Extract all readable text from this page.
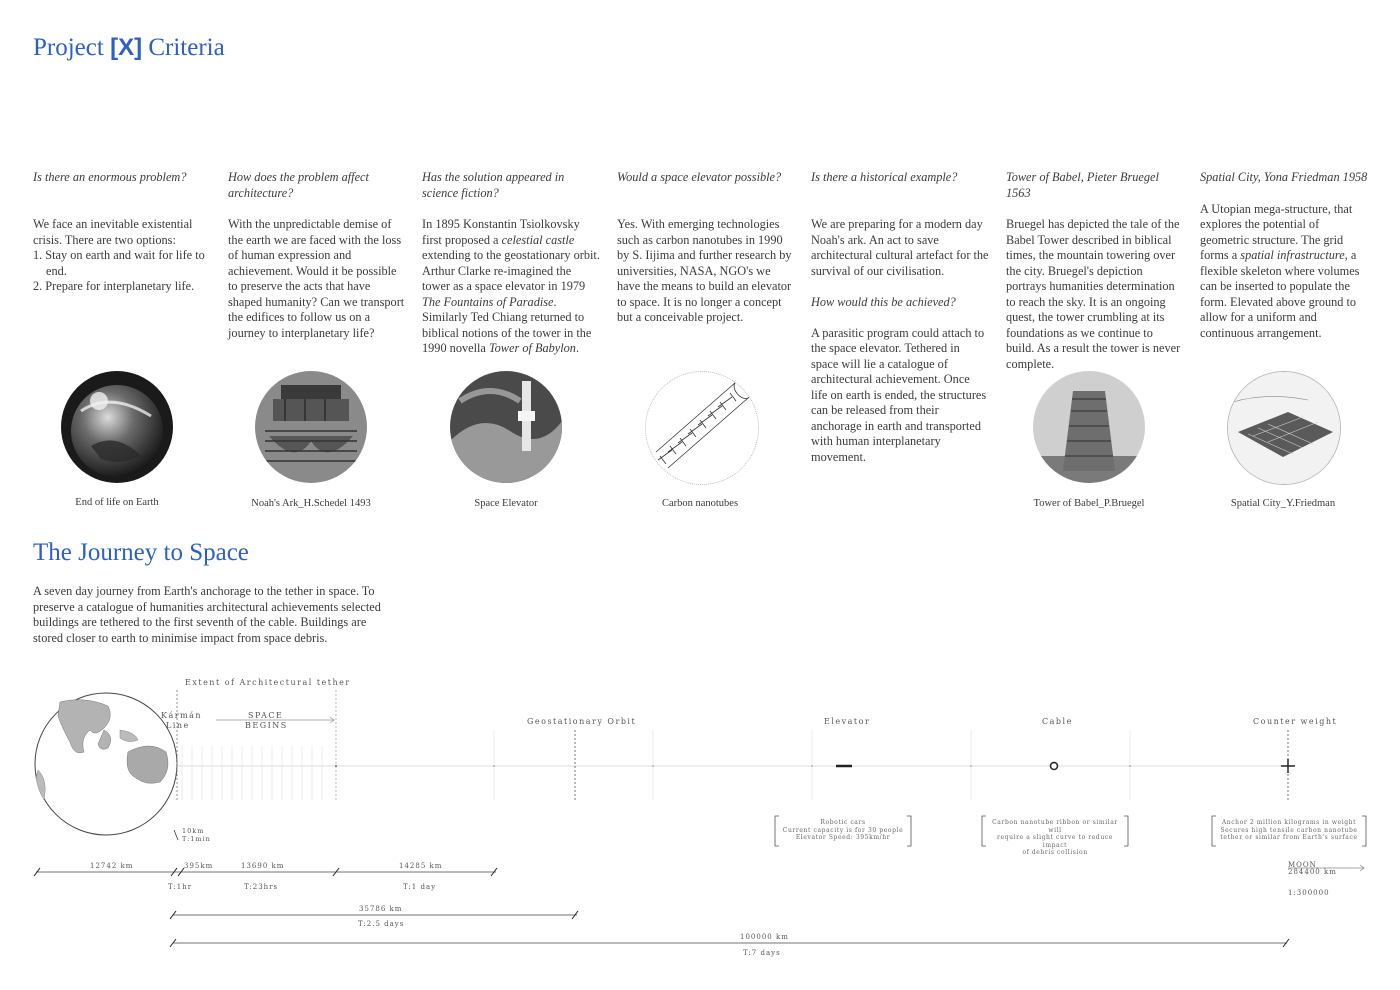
Project [X] Criteria

Is there an enormous problem?

We face an inevitable existential crisis. There are two options:

1. Stay on earth and wait for life to end.
2. Prepare for interplanetary life.

How does the problem affect architecture?

With the unpredictable demise of the earth we are faced with the loss of human expression and achievement. Would it be possible to preserve the acts that have shaped humanity? Can we transport the edifices to follow us on a journey to interplanetary life?

Has the solution appeared in science fiction?

In 1895 Konstantin Tsiolkovsky first proposed a celestial castle extending to the geostationary orbit. Arthur Clarke re-imagined the tower as a space elevator in 1979 The Fountains of Paradise. Similarly Ted Chiang returned to biblical notions of the tower in the 1990 novella Tower of Babylon.

Would a space elevator possible?

Yes. With emerging technologies such as carbon nanotubes in 1990 by S. Iijima and further research by universities, NASA, NGO's we have the means to build an elevator to space. It is no longer a concept but a conceivable project.

Is there a historical example?

We are preparing for a modern day Noah's ark. An act to save architectural cultural artefact for the survival of our civilisation.

How would this be achieved?

A parasitic program could attach to the space elevator. Tethered in space will lie a catalogue of architectural achievement. Once life on earth is ended, the structures can be released from their anchorage in earth and transported with human interplanetary movement.

Tower of Babel, Pieter Bruegel 1563

Bruegel has depicted the tale of the Babel Tower described in biblical times, the mountain towering over the city. Bruegel's depiction portrays humanities determination to reach the sky. It is an ongoing quest, the tower crumbling at its foundations as we continue to build. As a result the tower is never complete.

Spatial City, Yona Friedman 1958

A Utopian mega-structure, that explores the potential of geometric structure. The grid forms a spatial infrastructure, a flexible skeleton where volumes can be inserted to populate the form. Elevated above ground to allow for a uniform and continuous arrangement.

End of life on Earth	Noah's Ark_H.Schedel 1493	Space Elevator	Carbon nanotubes	Tower of Babel_P.Bruegel	Spatial City_Y.Friedman
The Journey to Space
A seven day journey from Earth's anchorage to the tether in space. To preserve a catalogue of humanities architectural achievements selected buildings are tethered to the first seventh of the cable. Buildings are stored closer to earth to minimise impact from space debris.
Extent of Architectural tether
Kármán
Line
SPACE
BEGINS	Geostationary Orbit	Elevator	Cable	Counter weight
Robotic cars
Current capacity is for 30 people
Elevator Speed: 395km/hr
Carbon nanotube ribbon or similar will
require a slight curve to reduce impact
of debris collision
Anchor 2 million kilograms in weight
Secures high tensile carbon nanotube
tether or similar from Earth's surface
10km
T:1min
12742 km	395km
T:1hr
13690 km
T:23hrs
14285 km
T:1 day
35786 km
T:2.5 days
100000 km
T:7 days
MOON
284400 km
1:300000
